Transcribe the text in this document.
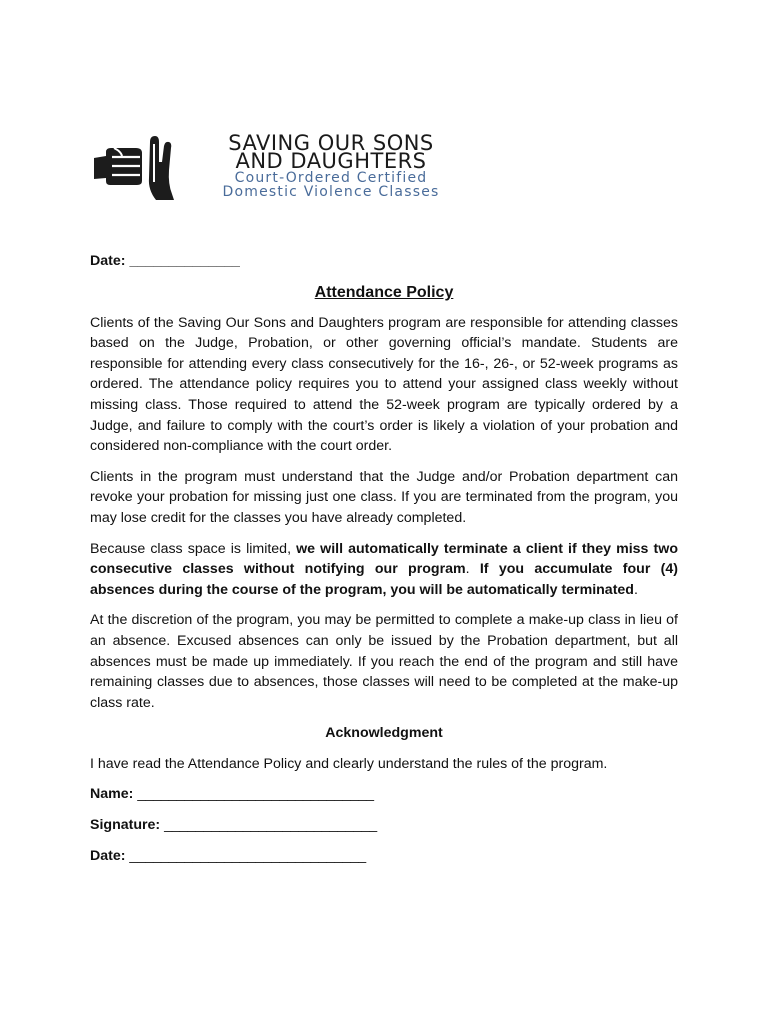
SAVING OUR SONS
AND DAUGHTERS
Court-Ordered Certified
Domestic Violence Classes
Date: ______________
Attendance Policy

Clients of the Saving Our Sons and Daughters program are responsible for attending classes based on the Judge, Probation, or other governing official’s mandate. Students are responsible for attending every class consecutively for the 16-, 26-, or 52-week programs as ordered. The attendance policy requires you to attend your assigned class weekly without missing class. Those required to attend the 52-week program are typically ordered by a Judge, and failure to comply with the court’s order is likely a violation of your probation and considered non-compliance with the court order.

Clients in the program must understand that the Judge and/or Probation department can revoke your probation for missing just one class. If you are terminated from the program, you may lose credit for the classes you have already completed.

Because class space is limited, we will automatically terminate a client if they miss two consecutive classes without notifying our program. If you accumulate four (4) absences during the course of the program, you will be automatically terminated.

At the discretion of the program, you may be permitted to complete a make-up class in lieu of an absence. Excused absences can only be issued by the Probation department, but all absences must be made up immediately. If you reach the end of the program and still have remaining classes due to absences, those classes will need to be completed at the make-up class rate.

Acknowledgment
I have read the Attendance Policy and clearly understand the rules of the program.
Name: ______________________________
Signature: ___________________________
Date: ______________________________
